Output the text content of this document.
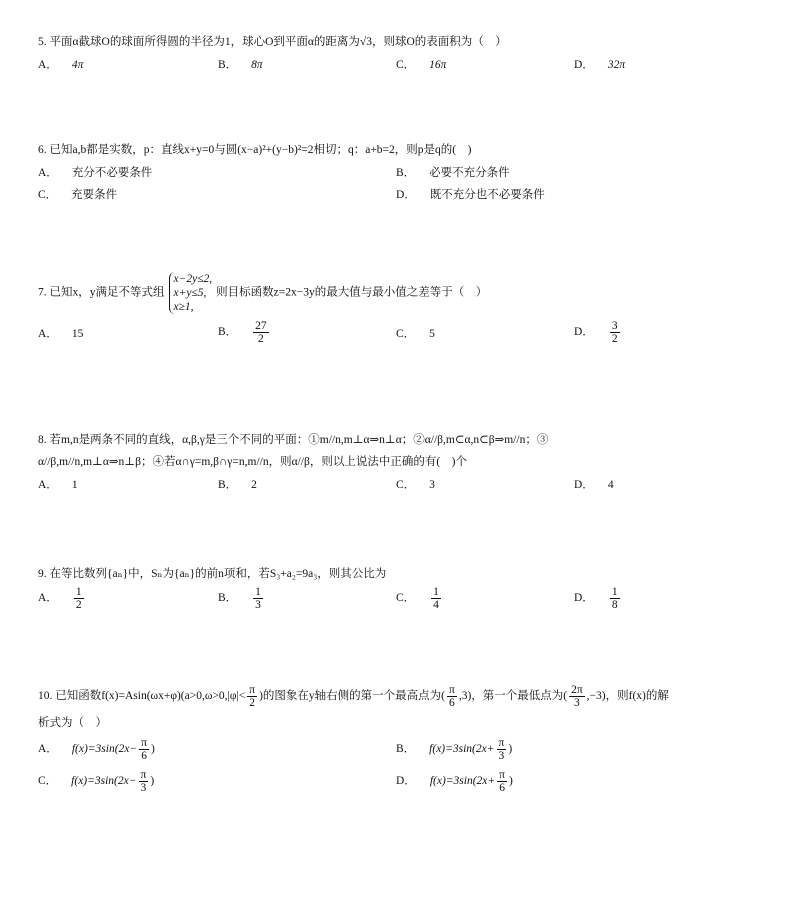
5. 平面α截球O的球面所得圆的半径为1，球心O到平面α的距离为√3，则球O的表面积为（　）
A． 4π	B． 8π	C． 16π	D． 32π
6. 已知a,b都是实数，p：直线x+y=0与圆(x−a)²+(y−b)²=2相切；q：a+b=2，则p是q的(　)
A． 充分不必要条件	B． 必要不充分条件
C． 充要条件	D． 既不充分也不必要条件
7. 已知x，y满足不等式组
x−2y≤2,
x+y≤5,
x≥1,
则目标函数z=2x−3y的最大值与最小值之差等于（　）
A． 15	B． $\frac{27}{2}$	C． 5	D． $\frac{3}{2}$
8. 若m,n是两条不同的直线，α,β,γ是三个不同的平面：①m//n,m⊥α⇒n⊥α；②α//β,m⊂α,n⊂β⇒m//n；③
α//β,m//n,m⊥α⇒n⊥β；④若α∩γ=m,β∩γ=n,m//n，则α//β，则以上说法中正确的有(　)个
A． 1	B． 2	C． 3	D． 4
9. 在等比数列{aₙ}中，Sₙ为{aₙ}的前n项和，若S₃+a₂=9a₃，则其公比为
A． $\frac{1}{2}$	B． $\frac{1}{3}$	C． $\frac{1}{4}$	D． $\frac{1}{8}$
10. 已知函数$f(x)=Asin(\omega x+\varphi)(a>0,\omega>0,|\varphi|< \frac{\pi}{2}$ )的图象在y轴右侧的第一个最高点为( $\frac{\pi}{6} ,3$)，第一个最低点为( $\frac{2\pi}{3} ,-3$)，则f(x)的解
析式为（　）
A． $f(x)=3\sin(2x- \frac{\pi}{6}$ )	B． $f(x)=3\sin(2x+ \frac{\pi}{3}$ )
C． $f(x)=3\sin(2x- \frac{\pi}{3}$ )	D． $f(x)=3\sin(2x+ \frac{\pi}{6}$ )
